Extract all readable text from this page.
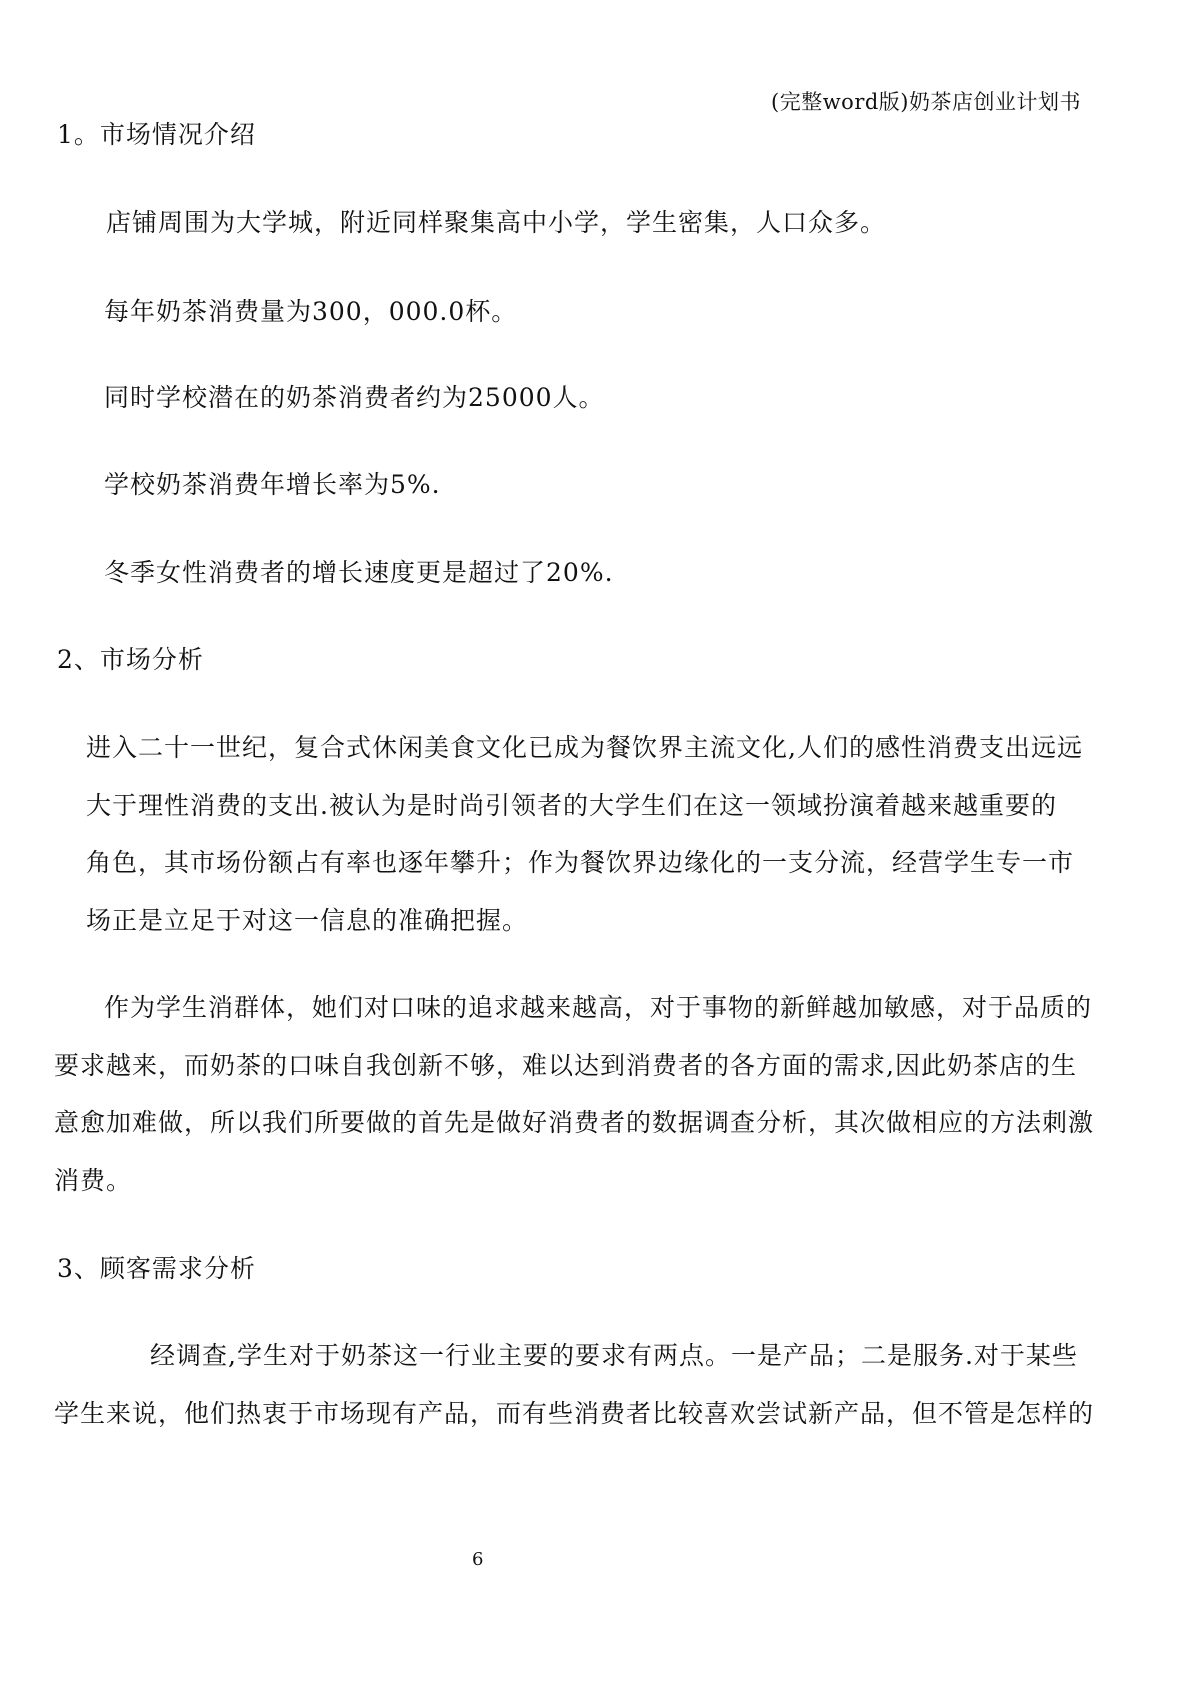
(完整word版)奶茶店创业计划书
1。市场情况介绍
店铺周围为大学城，附近同样聚集高中小学，学生密集，人口众多。
每年奶茶消费量为300，000.0杯。
同时学校潜在的奶茶消费者约为25000人。
学校奶茶消费年增长率为5%.
冬季女性消费者的增长速度更是超过了20%.
2、市场分析
进入二十一世纪，复合式休闲美食文化已成为餐饮界主流文化,人们的感性消费支出远远
大于理性消费的支出.被认为是时尚引领者的大学生们在这一领域扮演着越来越重要的
角色，其市场份额占有率也逐年攀升；作为餐饮界边缘化的一支分流，经营学生专一市
场正是立足于对这一信息的准确把握。
作为学生消群体，她们对口味的追求越来越高，对于事物的新鲜越加敏感，对于品质的
要求越来，而奶茶的口味自我创新不够，难以达到消费者的各方面的需求,因此奶茶店的生
意愈加难做，所以我们所要做的首先是做好消费者的数据调查分析，其次做相应的方法刺激
消费。
3、顾客需求分析
经调查,学生对于奶茶这一行业主要的要求有两点。一是产品；二是服务.对于某些
学生来说，他们热衷于市场现有产品，而有些消费者比较喜欢尝试新产品，但不管是怎样的
6
